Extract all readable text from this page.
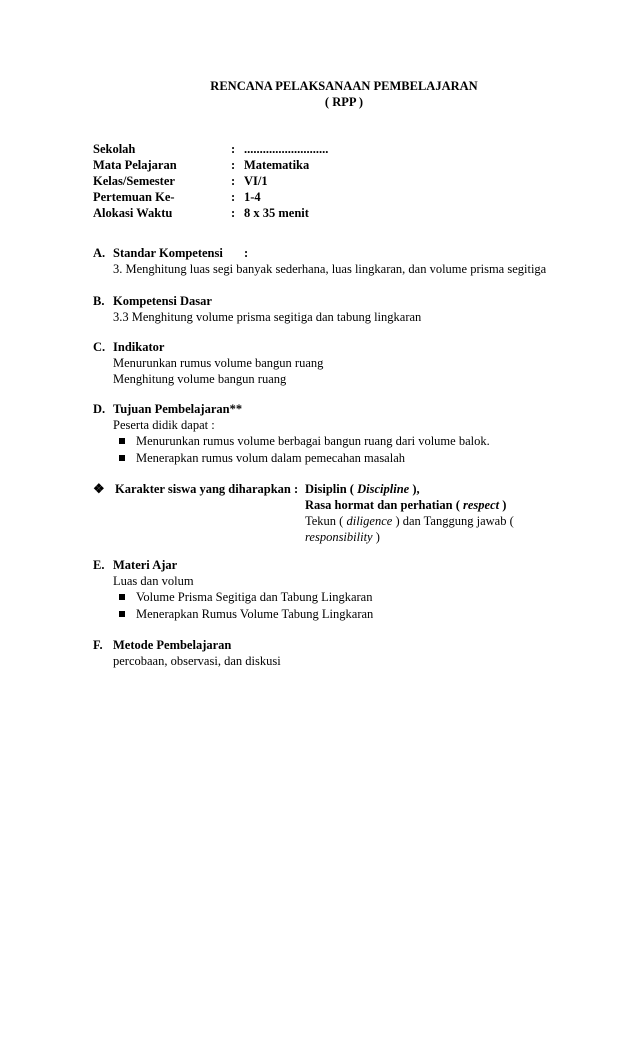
RENCANA PELAKSANAAN PEMBELAJARAN
( RPP )
Sekolah	: ...........................
Mata Pelajaran	: Matematika
Kelas/Semester	: VI/1
Pertemuan Ke-	: 1-4
Alokasi Waktu	: 8 x 35 menit
A. Standar Kompetensi :
3. Menghitung luas segi banyak sederhana, luas lingkaran, dan volume prisma segitiga
B. Kompetensi Dasar
3.3 Menghitung volume prisma segitiga dan tabung lingkaran
C. Indikator
Menurunkan rumus volume bangun ruang
Menghitung volume bangun ruang
D. Tujuan Pembelajaran**
Peserta didik dapat :
Menurunkan rumus volume berbagai bangun ruang dari volume balok.
Menerapkan rumus volum dalam pemecahan masalah
❖ Karakter siswa yang diharapkan : Disiplin ( Discipline ),
Rasa hormat dan perhatian ( respect )
Tekun ( diligence ) dan Tanggung jawab (
responsibility )
E. Materi Ajar
Luas dan volum
Volume Prisma Segitiga dan Tabung Lingkaran
Menerapkan Rumus Volume Tabung Lingkaran
F. Metode Pembelajaran
percobaan, observasi, dan diskusi
